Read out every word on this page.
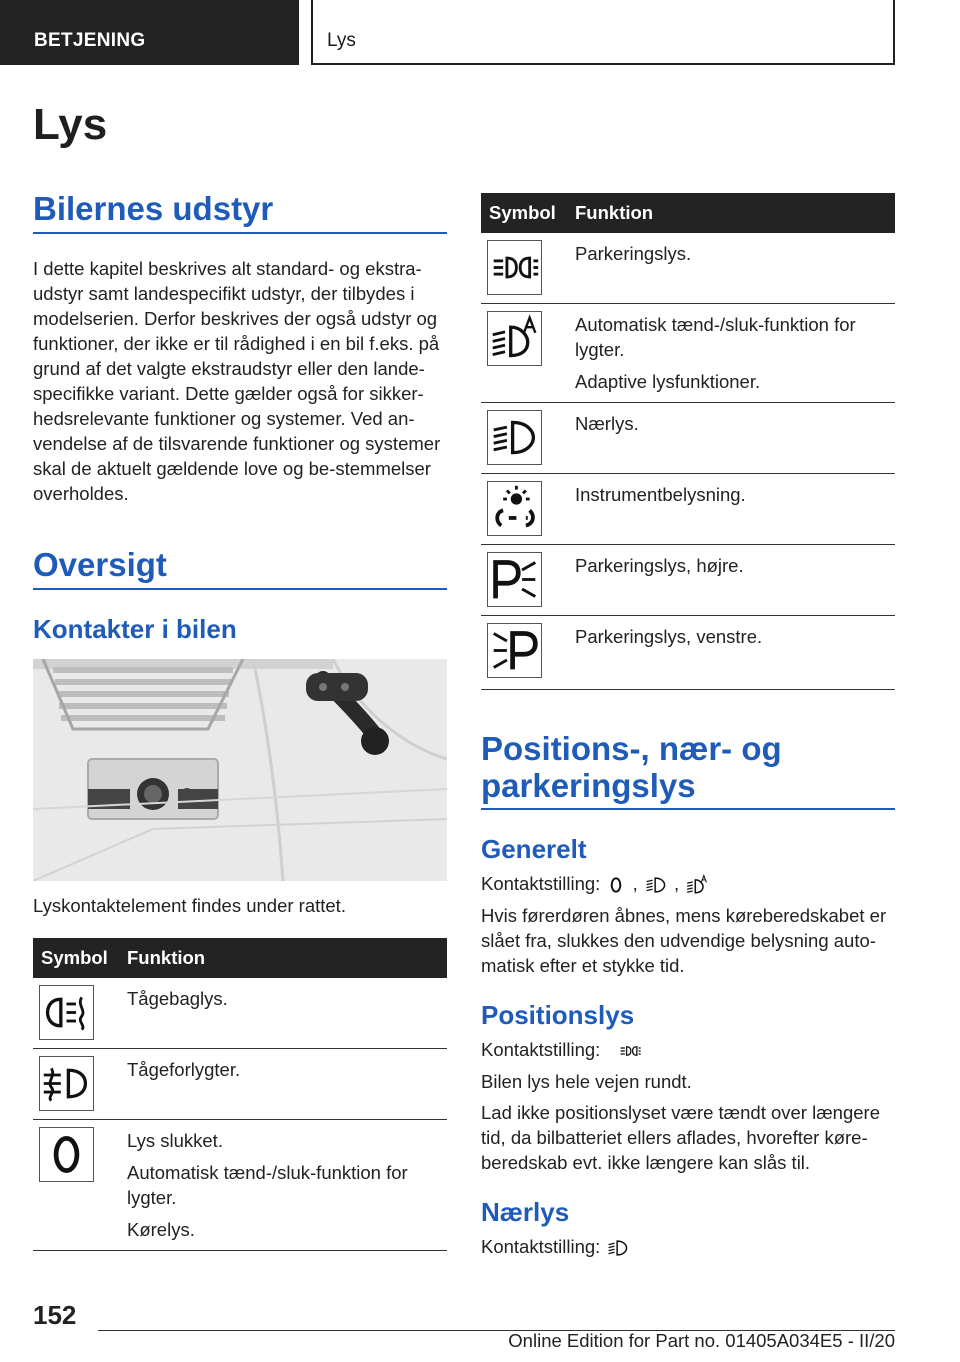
BETJENING	Lys
Lys
Bilernes udstyr

I dette kapitel beskrives alt standard- og ekstra-udstyr samt landespecifikt udstyr, der tilbydes i modelserien. Derfor beskrives der også udstyr og funktioner, der ikke er til rådighed i en bil f.eks. på grund af det valgte ekstraudstyr eller den lande-specifikke variant. Dette gælder også for sikker-hedsrelevante funktioner og systemer. Ved an-vendelse af de tilsvarende funktioner og systemer skal de aktuelt gældende love og be-stemmelser overholdes.

Oversigt
Kontakter i bilen

Lyskontaktelement findes under rattet.

Symbol	Funktion

Tågebaglys.

Tågeforlygter.

Lys slukket.
Automatisk tænd-/sluk-funktion for lygter.
Kørelys.
Symbol	Funktion

Parkeringslys.

Automatisk tænd-/sluk-funktion for lygter.
Adaptive lysfunktioner.

Nærlys.

Instrumentbelysning.

Parkeringslys, højre.

Parkeringslys, venstre.
Positions-, nær- og parkeringslys
Generelt

Kontaktstilling: , ,

Hvis førerdøren åbnes, mens køreberedskabet er slået fra, slukkes den udvendige belysning auto-matisk efter et stykke tid.

Positionslys

Kontaktstilling:

Bilen lys hele vejen rundt.

Lad ikke positionslyset være tændt over længere tid, da bilbatteriet ellers aflades, hvorefter køre-beredskab evt. ikke længere kan slås til.

Nærlys

Kontaktstilling:

152
Online Edition for Part no. 01405A034E5 - II/20
